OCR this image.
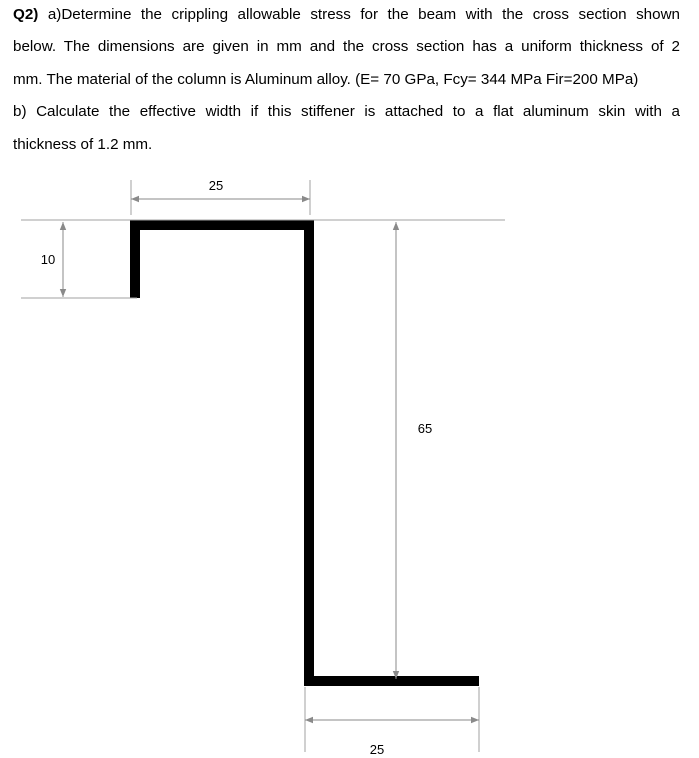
Q2) a)Determine the crippling allowable stress for the beam with the cross section shown
below. The dimensions are given in mm and the cross section has a uniform thickness of 2
mm. The material of the column is Aluminum alloy. (E= 70 GPa, Fcy= 344 MPa Fir=200 MPa)
b) Calculate the effective width if this stiffener is attached to a flat aluminum skin with a
thickness of 1.2 mm.
25
10
65
25
